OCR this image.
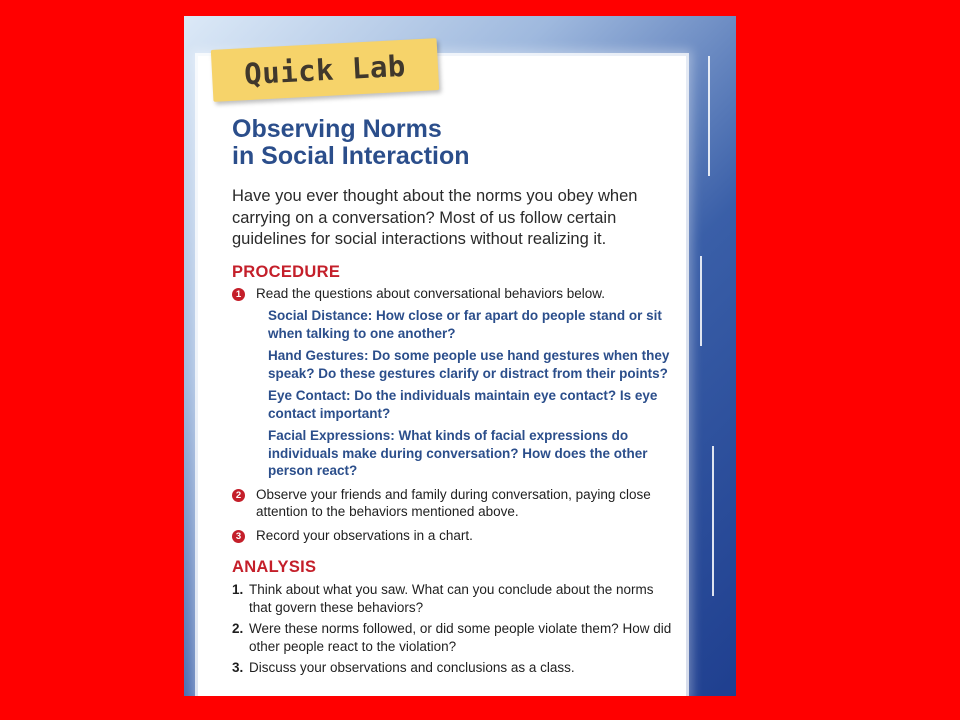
Quick Lab
Observing Norms
in Social Interaction

Have you ever thought about the norms you obey when carrying on a conversation? Most of us follow certain guidelines for social interactions without realizing it.

PROCEDURE
1 Read the questions about conversational behaviors below.
Social Distance: How close or far apart do people stand or sit when talking to one another?
Hand Gestures: Do some people use hand gestures when they speak? Do these gestures clarify or distract from their points?
Eye Contact: Do the individuals maintain eye contact? Is eye contact important?
Facial Expressions: What kinds of facial expressions do individuals make during conversation? How does the other person react?
2 Observe your friends and family during conversation, paying close attention to the behaviors mentioned above.
3 Record your observations in a chart.
ANALYSIS
1. Think about what you saw. What can you conclude about the norms that govern these behaviors?
2. Were these norms followed, or did some people violate them? How did other people react to the violation?
3. Discuss your observations and conclusions as a class.
